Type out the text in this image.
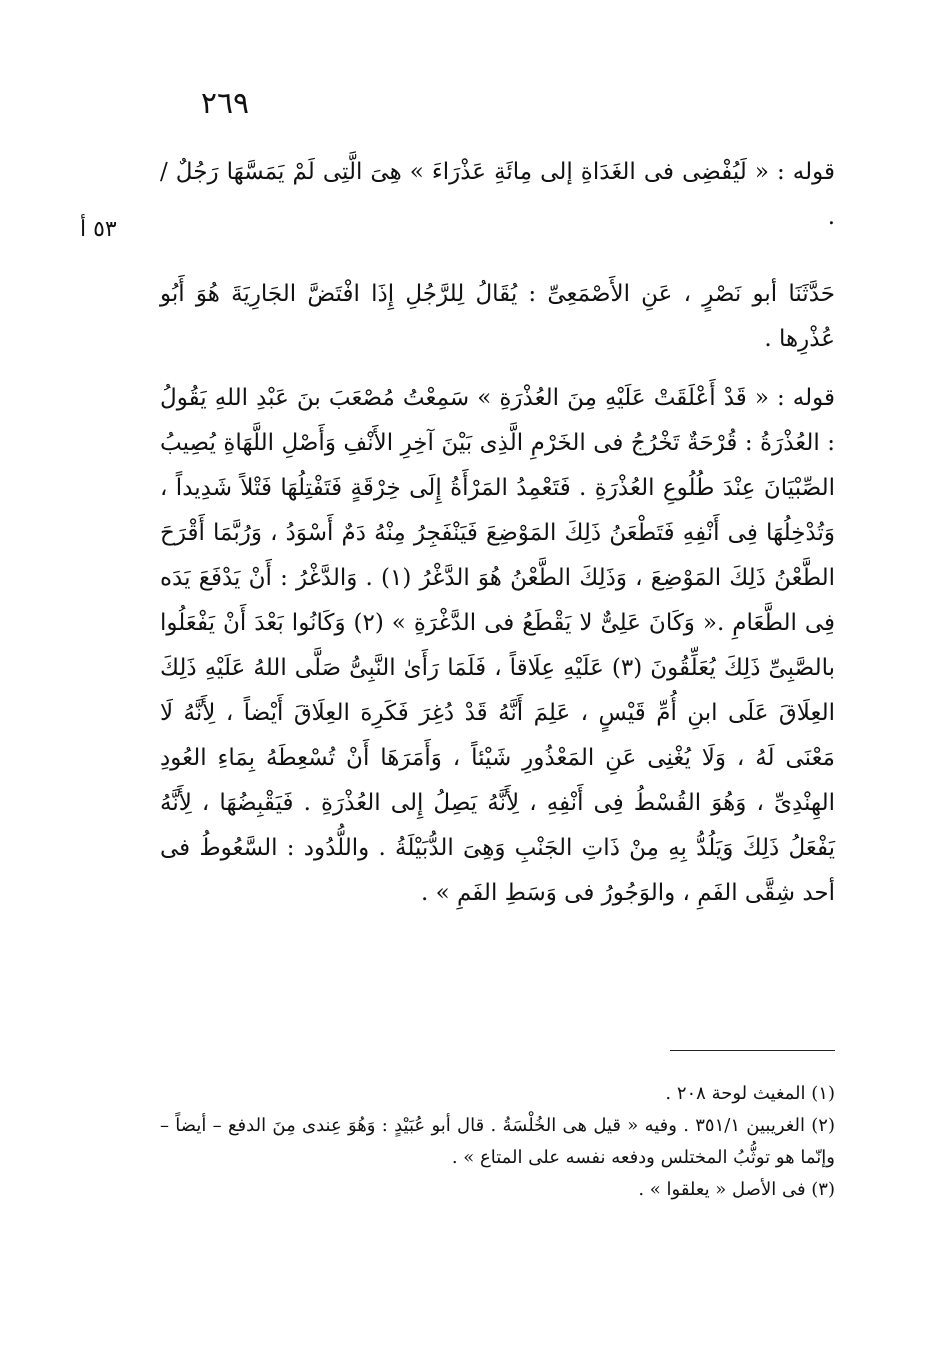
٢٦٩
٥٣ أ

قوله : « لَيُفْضِى فى الغَدَاةِ إلى مِائَةِ عَذْرَاءَ » هِىَ الَّتِى لَمْ يَمَسَّهَا رَجُلٌ / .

حَدَّثَنَا أبو نَصْرٍ ، عَنِ الأَصْمَعِىِّ : يُقَالُ لِلرَّجُلِ إِذَا افْتَضَّ الجَارِيَةَ هُوَ أَبُو عُذْرِها .

قوله : « قَدْ أَعْلَقَتْ عَلَيْهِ مِنَ العُذْرَةِ » سَمِعْتُ مُصْعَبَ بنَ عَبْدِ اللهِ يَقُولُ : العُذْرَةُ : قُرْحَةٌ تَخْرُجُ فى الخَرْمِ الَّذِى بَيْنَ آخِرِ الأَنْفِ وَأَصْلِ اللَّهَاةِ يُصِيبُ الصِّبْيَانَ عِنْدَ طُلُوعِ العُذْرَةِ . فَتَعْمِدُ المَرْأَةُ إِلَى خِرْقَةٍ فَتَفْتِلُهَا فَتْلاً شَدِيداً ، وَتُدْخِلُهَا فِى أَنْفِهِ فَتَطْعَنُ ذَلِكَ المَوْضِعَ فَيَنْفَجِرُ مِنْهُ دَمٌ أَسْوَدُ ، وَرُبَّمَا أَقْرَحَ الطَّعْنُ ذَلِكَ المَوْضِعَ ، وَذَلِكَ الطَّعْنُ هُوَ الدَّغْرُ (١) . وَالدَّغْرُ : أَنْ يَدْفَعَ يَدَه فِى الطَّعَامِ .« وَكَانَ عَلِىٌّ لا يَقْطَعُ فى الدَّغْرَةِ » (٢) وَكَانُوا بَعْدَ أَنْ يَفْعَلُوا بالصَّبِىِّ ذَلِكَ يُعَلِّقُونَ (٣) عَلَيْهِ عِلَاقاً ، فَلَمَا رَأَىٰ النَّبِىُّ صَلَّى اللهُ عَلَيْهِ ذَلِكَ العِلَاقَ عَلَى ابنِ أُمِّ قَيْسٍ ، عَلِمَ أَنَّهُ قَدْ دُغِرَ فَكَرِهَ العِلَاقَ أَيْضاً ، لِأَنَّهُ لَا مَعْنَى لَهُ ، وَلَا يُغْنِى عَنِ المَعْذُورِ شَيْئاً ، وَأَمَرَهَا أَنْ تُسْعِطَهُ بِمَاءِ العُودِ الهِنْدِىِّ ، وَهُوَ القُسْطُ فِى أَنْفِهِ ، لِأَنَّهُ يَصِلُ إِلى العُذْرَةِ . فَيَقْبِضُهَا ، لِأَنَّهُ يَفْعَلُ ذَلِكَ وَيَلُدُّ بِهِ مِنْ ذَاتِ الجَنْبِ وَهِىَ الدُّبَيْلَةُ . واللُّدُود : السَّعُوطُ فى أحد شِقَّى الفَمِ ، والوَجُورُ فى وَسَطِ الفَمِ » .

(١) المغيث لوحة ٢٠٨ .
(٢) الغريبين ٣٥١/١ . وفيه « قيل هى الخُلْسَةُ . قال أبو عُبَيْدٍ : وَهُوَ عِندى مِنَ الدفع – أيضاً – وإنّما هو توثُّبُ المختلس ودفعه نفسه على المتاع » .
(٣) فى الأصل « يعلقوا » .
